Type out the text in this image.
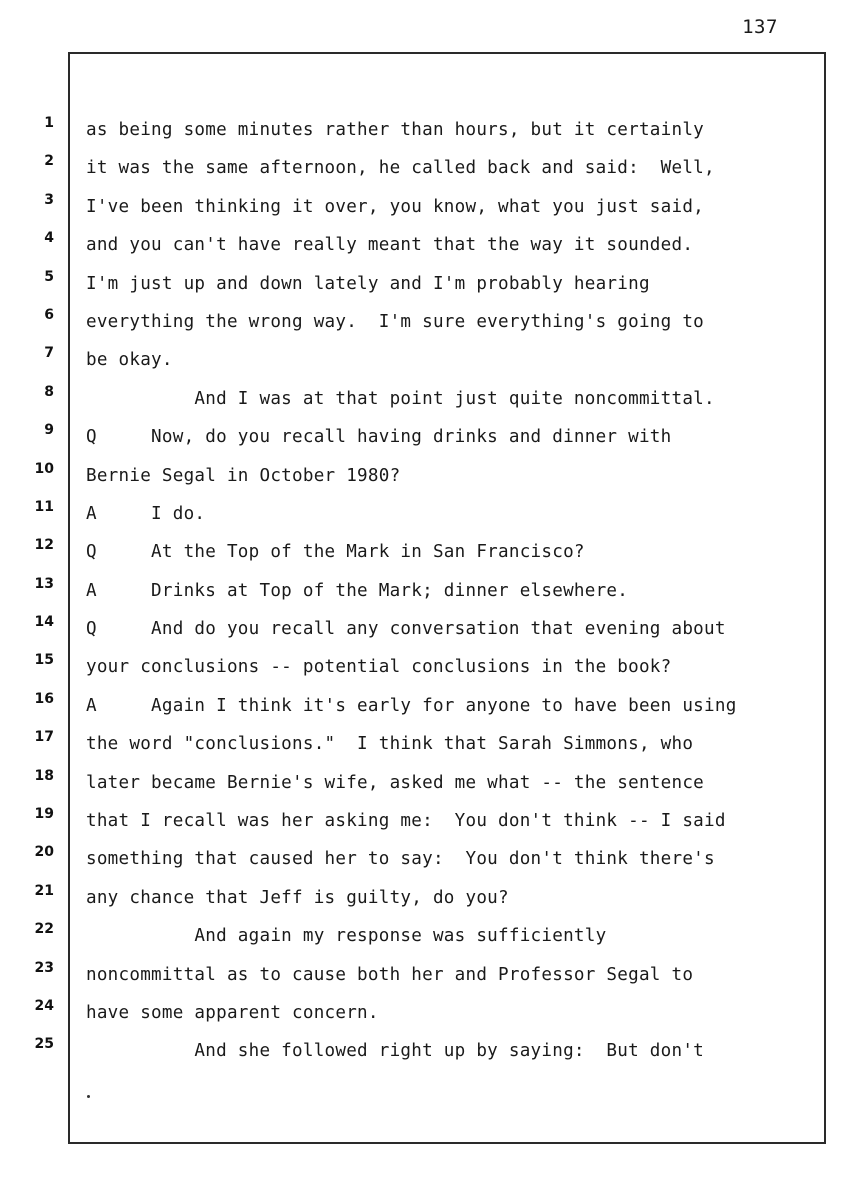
137
1 as being some minutes rather than hours, but it certainly
2 it was the same afternoon, he called back and said:  Well,
3 I've been thinking it over, you know, what you just said,
4 and you can't have really meant that the way it sounded.
5 I'm just up and down lately and I'm probably hearing
6 everything the wrong way.  I'm sure everything's going to
7 be okay.
8 And I was at that point just quite noncommittal.
9 Q     Now, do you recall having drinks and dinner with
10 Bernie Segal in October 1980?
11 A     I do.
12 Q     At the Top of the Mark in San Francisco?
13 A     Drinks at Top of the Mark; dinner elsewhere.
14 Q     And do you recall any conversation that evening about
15 your conclusions -- potential conclusions in the book?
16 A     Again I think it's early for anyone to have been using
17 the word "conclusions."  I think that Sarah Simmons, who
18 later became Bernie's wife, asked me what -- the sentence
19 that I recall was her asking me:  You don't think -- I said
20 something that caused her to say:  You don't think there's
21 any chance that Jeff is guilty, do you?
22 And again my response was sufficiently
23 noncommittal as to cause both her and Professor Segal to
24 have some apparent concern.
25 And she followed right up by saying:  But don't
